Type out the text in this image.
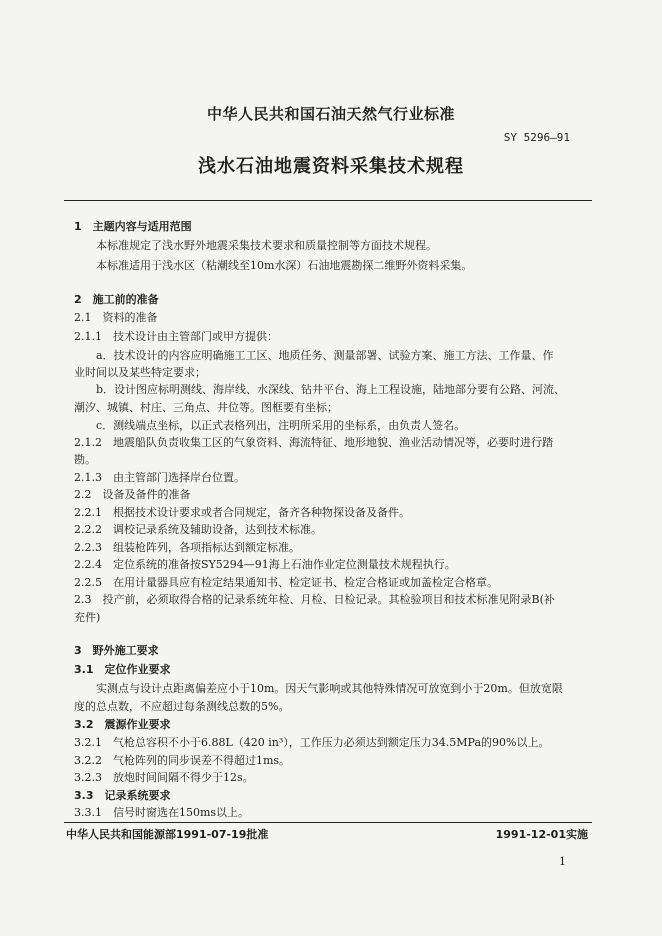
中华人民共和国石油天然气行业标准
SY 5296—91
浅水石油地震资料采集技术规程
1　主题内容与适用范围
本标准规定了浅水野外地震采集技术要求和质量控制等方面技术规程。
本标准适用于浅水区（粘潮线至10m水深）石油地震勘探二维野外资料采集。
2　施工前的准备
2.1　资料的准备
2.1.1　技术设计由主管部门或甲方提供：
a．技术设计的内容应明确施工工区、地质任务、测量部署、试验方案、施工方法、工作量、作
业时间以及某些特定要求；
b．设计图应标明测线、海岸线、水深线、钻井平台、海上工程设施，陆地部分要有公路、河流、
潮汐、城镇、村庄、三角点、井位等。图框要有坐标；
c．测线端点坐标，以正式表格列出，注明所采用的坐标系，由负责人签名。
2.1.2　地震船队负责收集工区的气象资料、海流特征、地形地貌、渔业活动情况等，必要时进行踏
勘。
2.1.3　由主管部门选择岸台位置。
2.2　设备及备件的准备
2.2.1　根据技术设计要求或者合同规定，备齐各种物探设备及备件。
2.2.2　调校记录系统及辅助设备，达到技术标准。
2.2.3　组装枪阵列，各项指标达到额定标准。
2.2.4　定位系统的准备按SY5294—91海上石油作业定位测量技术规程执行。
2.2.5　在用计量器具应有检定结果通知书、检定证书、检定合格证或加盖检定合格章。
2.3　投产前，必须取得合格的记录系统年检、月检、日检记录。其检验项目和技术标准见附录B(补
充件)
3　野外施工要求
3.1　定位作业要求
实测点与设计点距离偏差应小于10m。因天气影响或其他特殊情况可放宽到小于20m。但放宽限
度的总点数，不应超过每条测线总数的5%。
3.2　震源作业要求
3.2.1　气枪总容积不小于6.88L（420 in³），工作压力必须达到额定压力34.5MPa的90%以上。
3.2.2　气枪阵列的同步误差不得超过1ms。
3.2.3　放炮时间间隔不得少于12s。
3.3　记录系统要求
3.3.1　信号时窗选在150ms以上。
中华人民共和国能源部1991-07-19批准	1991-12-01实施
1
